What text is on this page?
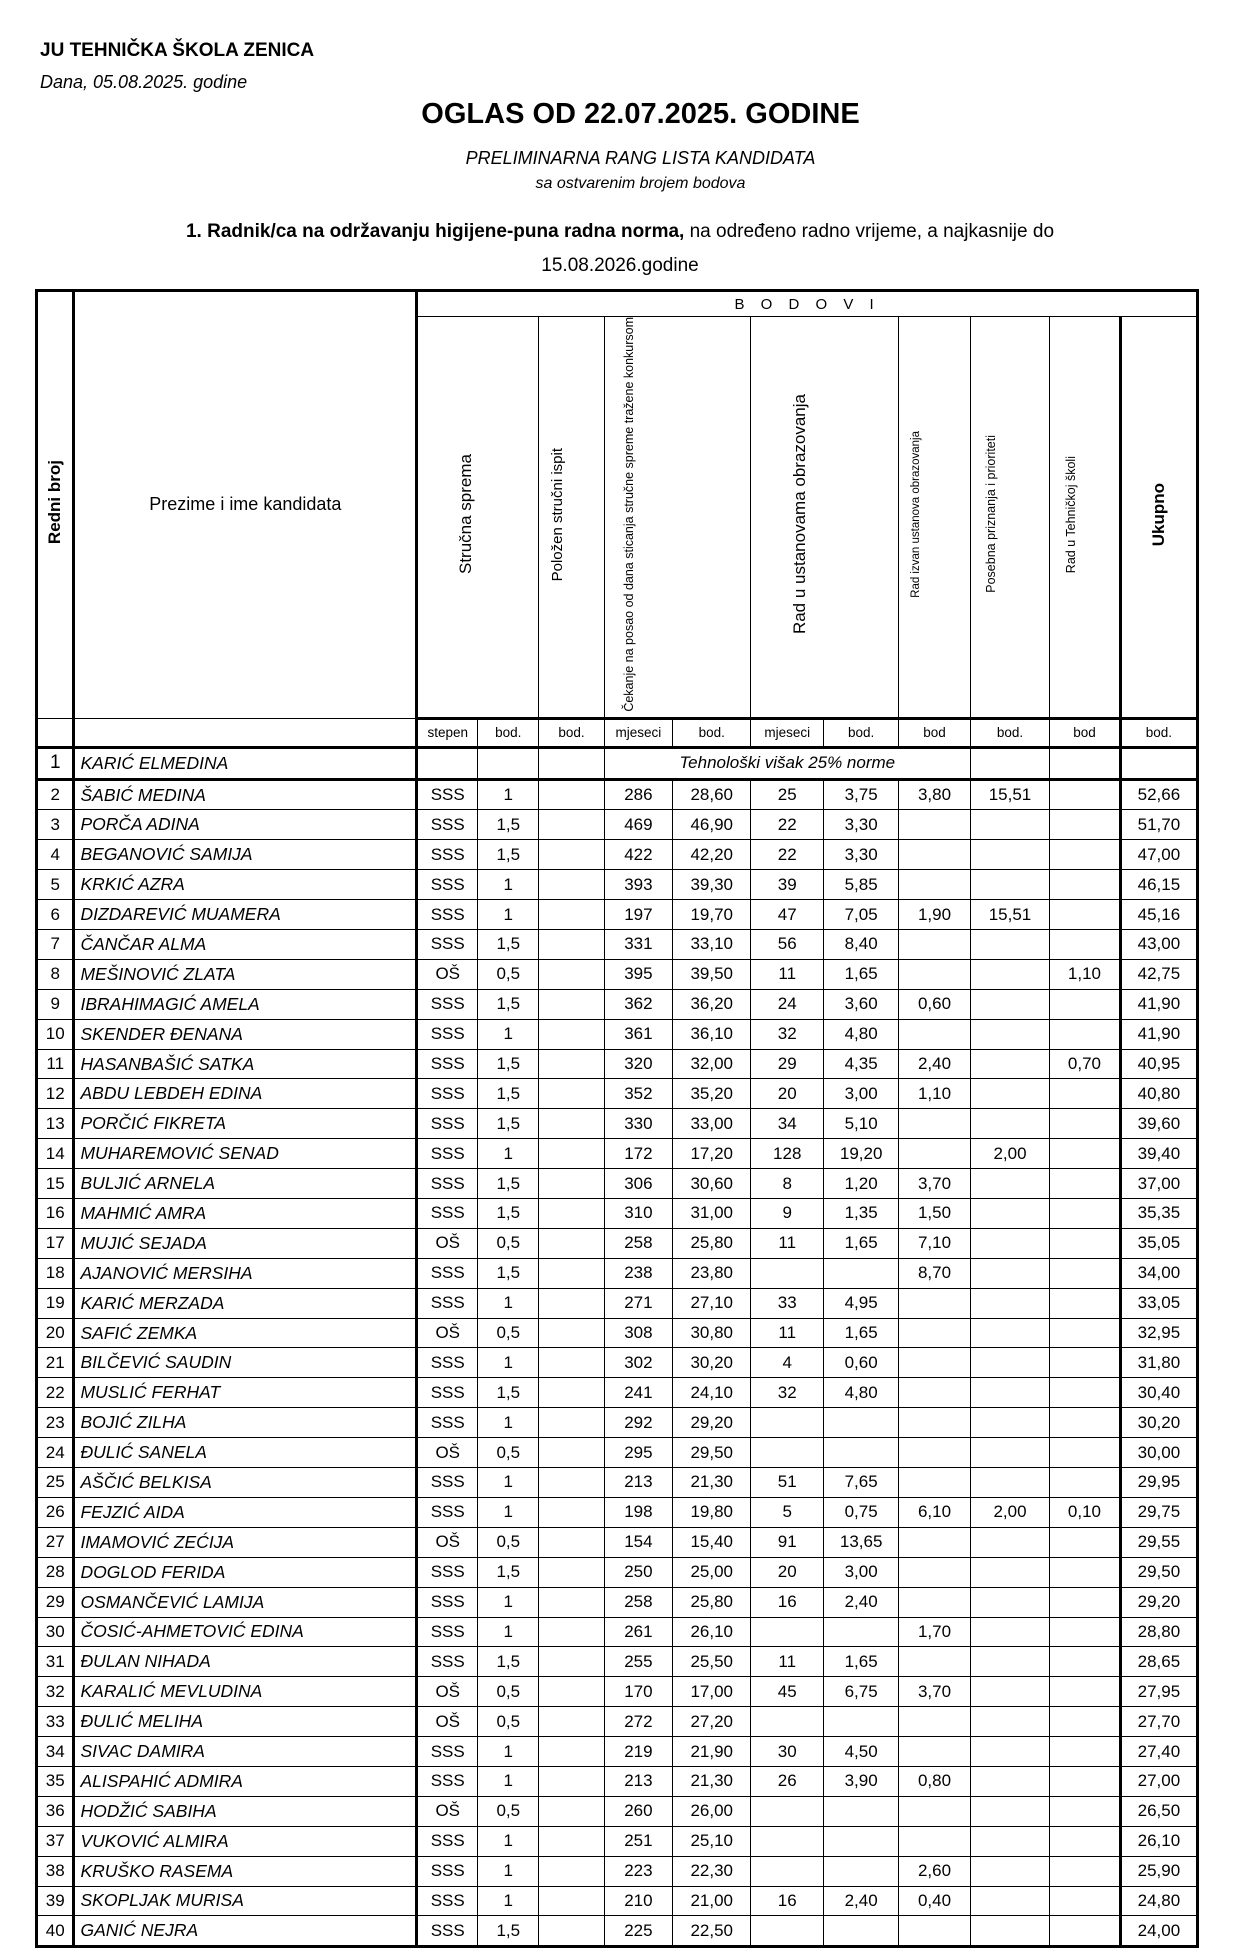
JU TEHNIČKA ŠKOLA ZENICA
Dana, 05.08.2025. godine
OGLAS OD 22.07.2025. GODINE
PRELIMINARNA RANG LISTA KANDIDATA
sa ostvarenim brojem bodova
1. Radnik/ca na održavanju higijene-puna radna norma, na određeno radno vrijeme, a najkasnije do
15.08.2026.godine
Redni broj	Prezime i ime kandidata	B O D O V I										
		Stručna sprema		Položen stručni ispit	Čekanje na posao od dana sticanja stručne spreme tražene konkursom		Rad u ustanovama obrazovanja		Rad izvan ustanova obrazovanja	Posebna priznanja i prioriteti	Rad u Tehničkoj školi	Ukupno
		stepen	bod.	bod.	mjeseci	bod.	mjeseci	bod.	bod	bod.	bod	bod.
1	KARIĆ ELMEDINA				Tehnološki višak 25% norme							
2	ŠABIĆ MEDINA	SSS	1		286	28,60	25	3,75	3,80	15,51		52,66
3	PORČA ADINA	SSS	1,5		469	46,90	22	3,30				51,70
4	BEGANOVIĆ SAMIJA	SSS	1,5		422	42,20	22	3,30				47,00
5	KRKIĆ AZRA	SSS	1		393	39,30	39	5,85				46,15
6	DIZDAREVIĆ MUAMERA	SSS	1		197	19,70	47	7,05	1,90	15,51		45,16
7	ČANČAR ALMA	SSS	1,5		331	33,10	56	8,40				43,00
8	MEŠINOVIĆ ZLATA	OŠ	0,5		395	39,50	11	1,65			1,10	42,75
9	IBRAHIMAGIĆ AMELA	SSS	1,5		362	36,20	24	3,60	0,60			41,90
10	SKENDER ĐENANA	SSS	1		361	36,10	32	4,80				41,90
11	HASANBAŠIĆ SATKA	SSS	1,5		320	32,00	29	4,35	2,40		0,70	40,95
12	ABDU LEBDEH EDINA	SSS	1,5		352	35,20	20	3,00	1,10			40,80
13	PORČIĆ FIKRETA	SSS	1,5		330	33,00	34	5,10				39,60
14	MUHAREMOVIĆ SENAD	SSS	1		172	17,20	128	19,20		2,00		39,40
15	BULJIĆ ARNELA	SSS	1,5		306	30,60	8	1,20	3,70			37,00
16	MAHMIĆ AMRA	SSS	1,5		310	31,00	9	1,35	1,50			35,35
17	MUJIĆ SEJADA	OŠ	0,5		258	25,80	11	1,65	7,10			35,05
18	AJANOVIĆ MERSIHA	SSS	1,5		238	23,80			8,70			34,00
19	KARIĆ MERZADA	SSS	1		271	27,10	33	4,95				33,05
20	SAFIĆ ZEMKA	OŠ	0,5		308	30,80	11	1,65				32,95
21	BILČEVIĆ SAUDIN	SSS	1		302	30,20	4	0,60				31,80
22	MUSLIĆ FERHAT	SSS	1,5		241	24,10	32	4,80				30,40
23	BOJIĆ ZILHA	SSS	1		292	29,20						30,20
24	ĐULIĆ SANELA	OŠ	0,5		295	29,50						30,00
25	AŠČIĆ BELKISA	SSS	1		213	21,30	51	7,65				29,95
26	FEJZIĆ AIDA	SSS	1		198	19,80	5	0,75	6,10	2,00	0,10	29,75
27	IMAMOVIĆ ZEĆIJA	OŠ	0,5		154	15,40	91	13,65				29,55
28	DOGLOD FERIDA	SSS	1,5		250	25,00	20	3,00				29,50
29	OSMANČEVIĆ LAMIJA	SSS	1		258	25,80	16	2,40				29,20
30	ČOSIĆ-AHMETOVIĆ EDINA	SSS	1		261	26,10			1,70			28,80
31	ĐULAN NIHADA	SSS	1,5		255	25,50	11	1,65				28,65
32	KARALIĆ MEVLUDINA	OŠ	0,5		170	17,00	45	6,75	3,70			27,95
33	ĐULIĆ MELIHA	OŠ	0,5		272	27,20						27,70
34	SIVAC DAMIRA	SSS	1		219	21,90	30	4,50				27,40
35	ALISPAHIĆ ADMIRA	SSS	1		213	21,30	26	3,90	0,80			27,00
36	HODŽIĆ SABIHA	OŠ	0,5		260	26,00						26,50
37	VUKOVIĆ ALMIRA	SSS	1		251	25,10						26,10
38	KRUŠKO RASEMA	SSS	1		223	22,30			2,60			25,90
39	SKOPLJAK MURISA	SSS	1		210	21,00	16	2,40	0,40			24,80
40	GANIĆ NEJRA	SSS	1,5		225	22,50						24,00
